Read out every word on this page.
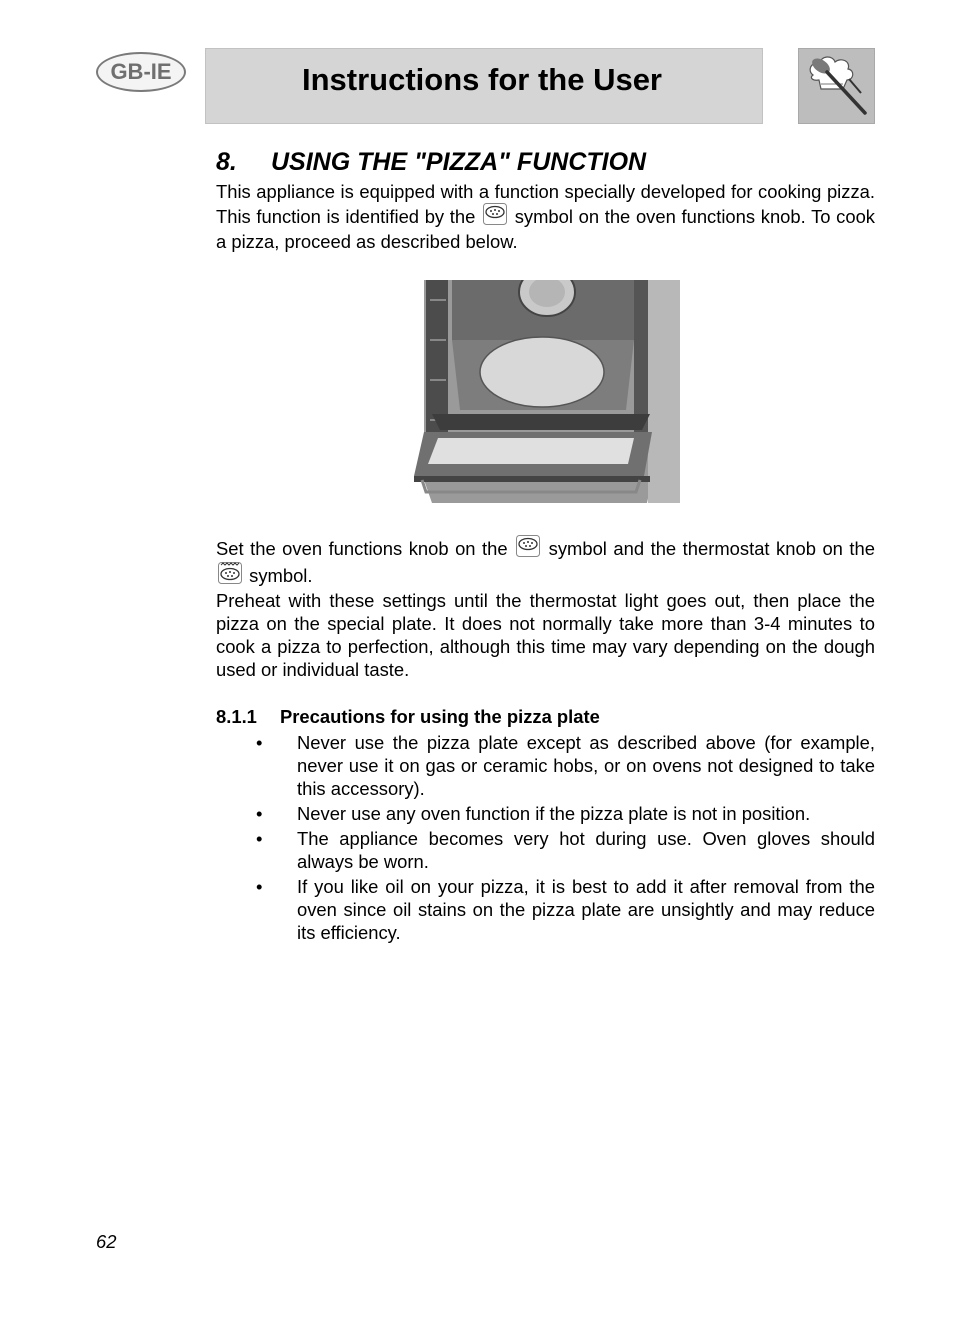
GB-IE	Instructions for the User
8. USING THE "PIZZA" FUNCTION

This appliance is equipped with a function specially developed for cooking pizza. This function is identified by the symbol on the oven functions knob. To cook a pizza, proceed as described below.

Set the oven functions knob on the symbol and the thermostat knob on the  symbol.

Preheat with these settings until the thermostat light goes out, then place the pizza on the special plate. It does not normally take more than 3-4 minutes to cook a pizza to perfection, although this time may vary depending on the dough used or individual taste.

8.1.1 Precautions for using the pizza plate
• Never use the pizza plate except as described above (for example, never use it on gas or ceramic hobs, or on ovens not designed to take this accessory).
• Never use any oven function if the pizza plate is not in position.
• The appliance becomes very hot during use. Oven gloves should always be worn.
• If you like oil on your pizza, it is best to add it after removal from the oven since oil stains on the pizza plate are unsightly and may reduce its efficiency.
62
